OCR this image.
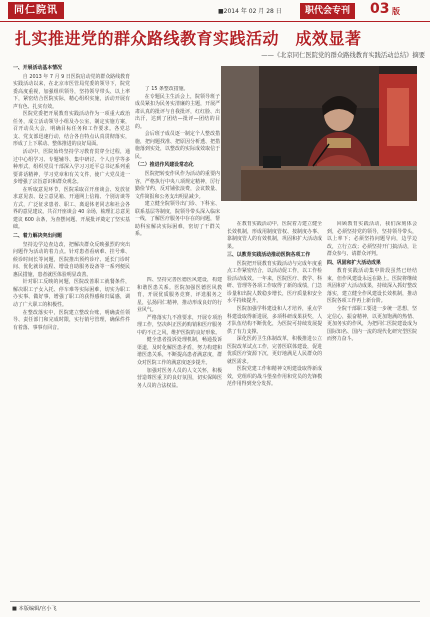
同仁院讯	■2014 年 02 月 28 日	职代会专刊	03 版
扎实推进党的群众路线教育实践活动　成效显著
——《北京同仁医院党的群众路线教育实践活动总结》摘要

一、开展活动基本情况

自 2013 年 7 月 9 日医院启动党的群众路线教育实践活动以来，在北京市医管局党委的领导下，院党委高度重视，加强组织领导，坚持领导带头、以上率下，紧密结合医院实际，精心组织实施，活动开展有声有色、扎实有效。

医院党委把开展教育实践活动作为一项重大政治任务，成立活动领导小组及办公室，制定实施方案，召开动员大会，明确目标任务和工作要求。各党总支、党支部迅速行动，结合各自特点认真贯彻落实，形成了上下联动、整体推进的良好局面。

活动中，医院始终坚持学习教育贯穿全过程，通过中心组学习、专题辅导、集中研讨、个人自学等多种形式，组织党员干部深入学习习近平总书记系列重要讲话精神，学习党章和有关文件，使广大党员进一步增强了宗旨意识和群众观念。

在听取意见环节，医院采取召开座谈会、发放征求意见表、设立意见箱、开通网上信箱、个别访谈等方式，广泛征求患者、职工、离退休老同志和社会各界的意见建议。共召开座谈会 40 余场，梳理汇总意见建议 600 余条，为查摆问题、开展批评奠定了坚实基础。

二、着力解决突出问题

坚持边学边查边改，把解决群众反映强烈的突出问题作为活动的着力点。针对患者看病难、挂号难、候诊时间长等问题，医院推出预约诊疗、延长门诊时间、优化就诊流程、增设自助服务设备等一系列便民惠民措施，患者就医体验明显改善。

针对职工反映的问题，医院改善职工就餐条件，解决职工子女入托、停车难等实际困难，切实为职工办实事、做好事，增强了职工的获得感和归属感，调动了广大职工的积极性。

在整改落实中，医院建立整改台账，明确责任领导、责任部门和完成时限，实行销号管理，确保件件有着落、事事有回音。

了 15 条整改措施。

在专题民主生活会上，院领导班子成员紧扣为民务实清廉的主题，开展严肃认真的批评与自我批评，红红脸、出出汗，达到了团结—批评—团结的目的。

会后班子成员逐一制定个人整改措施，把问题找准、把原因分析透、把措施落到实处，以整改的实际成效取信于民。

（二）推进作风建设常态化

医院把转变作风作为活动的重要内容，严格执行中央八项规定精神，厉行勤俭节约，反对铺张浪费，会议数量、文件简报和公务支出明显减少。

建立健全院领导出门诊、下科室、联系基层等制度，院领导带头深入临床一线，了解医疗服务中存在的问题，帮助科室解决实际困难，密切了干群关系。

四、坚持完善医德医风建设，构建和谐医患关系。医院加强医德医风教育，开展优质服务竞赛，评选服务之星，弘扬同仁精神，推动形成良好的行业风气。

严格落实九不准要求，开展专项治理工作，坚决纠正医药购销和医疗服务中的不正之风，维护医院的良好形象。

健全患者投诉处理机制，畅通投诉渠道，及时化解医患矛盾，努力构建和谐医患关系，不断提高患者满意度，群众对医院工作的满意度逐步提升。

加强对医务人员的人文关怀，积极营造尊医重卫的良好氛围，切实保障医务人员的合法权益。

在教育实践活动中，医院着力建立健全长效机制，形成用制度管权、按制度办事、靠制度管人的有效机制，巩固和扩大活动成果。

三、以教育实践活动推动医院各项工作

医院把开展教育实践活动与完成年度重点工作紧密结合，以活动促工作，以工作检验活动成效。一年来，医院医疗、教学、科研、管理等各项工作取得了新的成绩，门急诊量和出院人数稳步增长，医疗质量和安全水平持续提升。

医院加强学科建设和人才培养，重点学科建设取得新进展，多项科研成果获奖，人才队伍结构不断优化，为医院可持续发展提供了有力支撑。

深化医药卫生体制改革，积极推进公立医院改革试点工作，完善医联体建设，促进优质医疗资源下沉，更好地满足人民群众的就医需求。

医院党建工作和精神文明建设取得新成效，党组织的战斗堡垒作用和党员的先锋模范作用得到充分发挥。

回顾教育实践活动，我们深刻体会到，必须坚持党的领导，坚持领导带头，以上率下；必须坚持问题导向，边学边改，立行立改；必须坚持开门搞活动，让群众参与、请群众评判。

四、巩固和扩大活动成果

教育实践活动集中阶段虽然已经结束，但作风建设永远在路上。医院将继续巩固和扩大活动成果，持续深入抓好整改落实，建立健全作风建设长效机制，推动医院各项工作再上新台阶。

全院干部职工要进一步统一思想，坚定信心，振奋精神，以更加饱满的热情、更加务实的作风，为把同仁医院建设成为国际知名、国内一流的现代化研究型医院而努力奋斗。

■ 本版编辑/宫小飞
